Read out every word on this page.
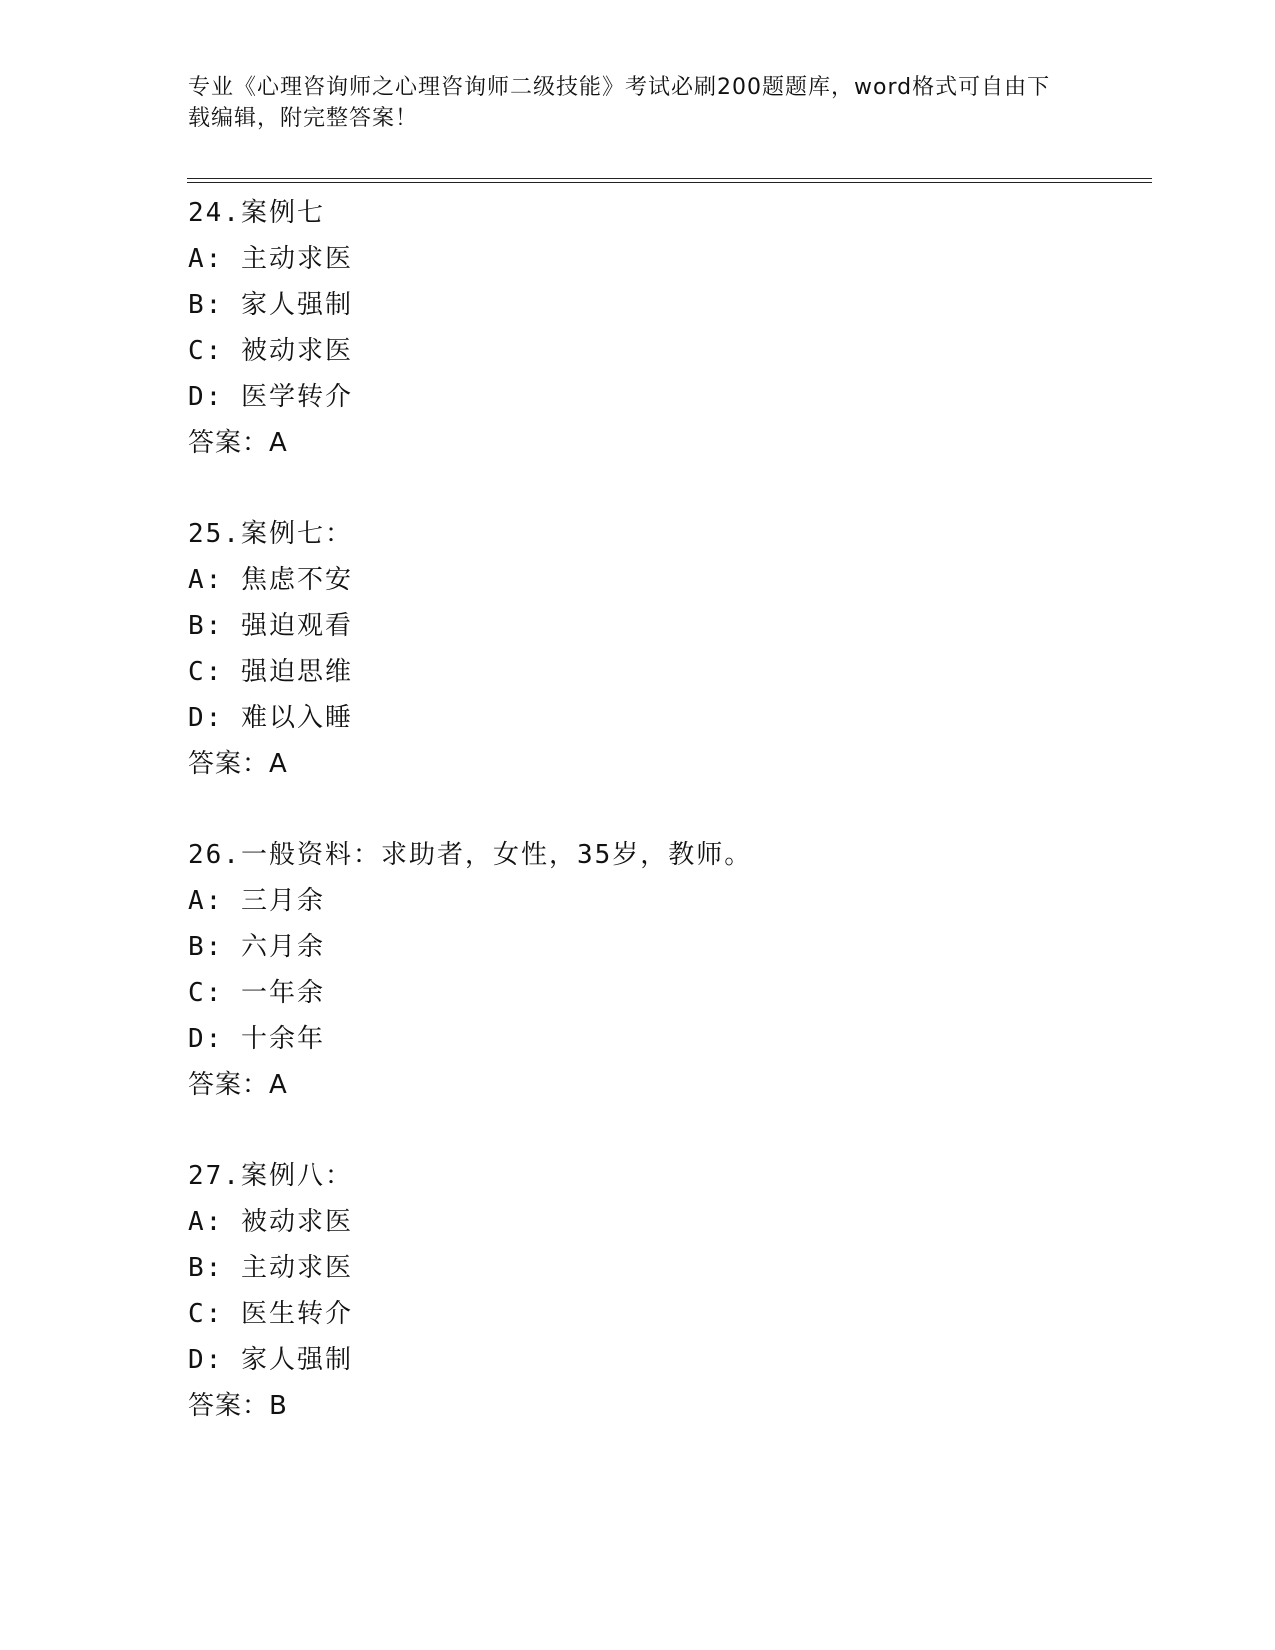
专业《心理咨询师之心理咨询师二级技能》考试必刷200题题库，word格式可自由下载编辑，附完整答案！
24.案例七
A: 主动求医
B: 家人强制
C: 被动求医
D: 医学转介
答案：A
25.案例七：
A: 焦虑不安
B: 强迫观看
C: 强迫思维
D: 难以入睡
答案：A
26.一般资料：求助者，女性，35岁，教师。
A: 三月余
B: 六月余
C: 一年余
D: 十余年
答案：A
27.案例八：
A: 被动求医
B: 主动求医
C: 医生转介
D: 家人强制
答案：B
